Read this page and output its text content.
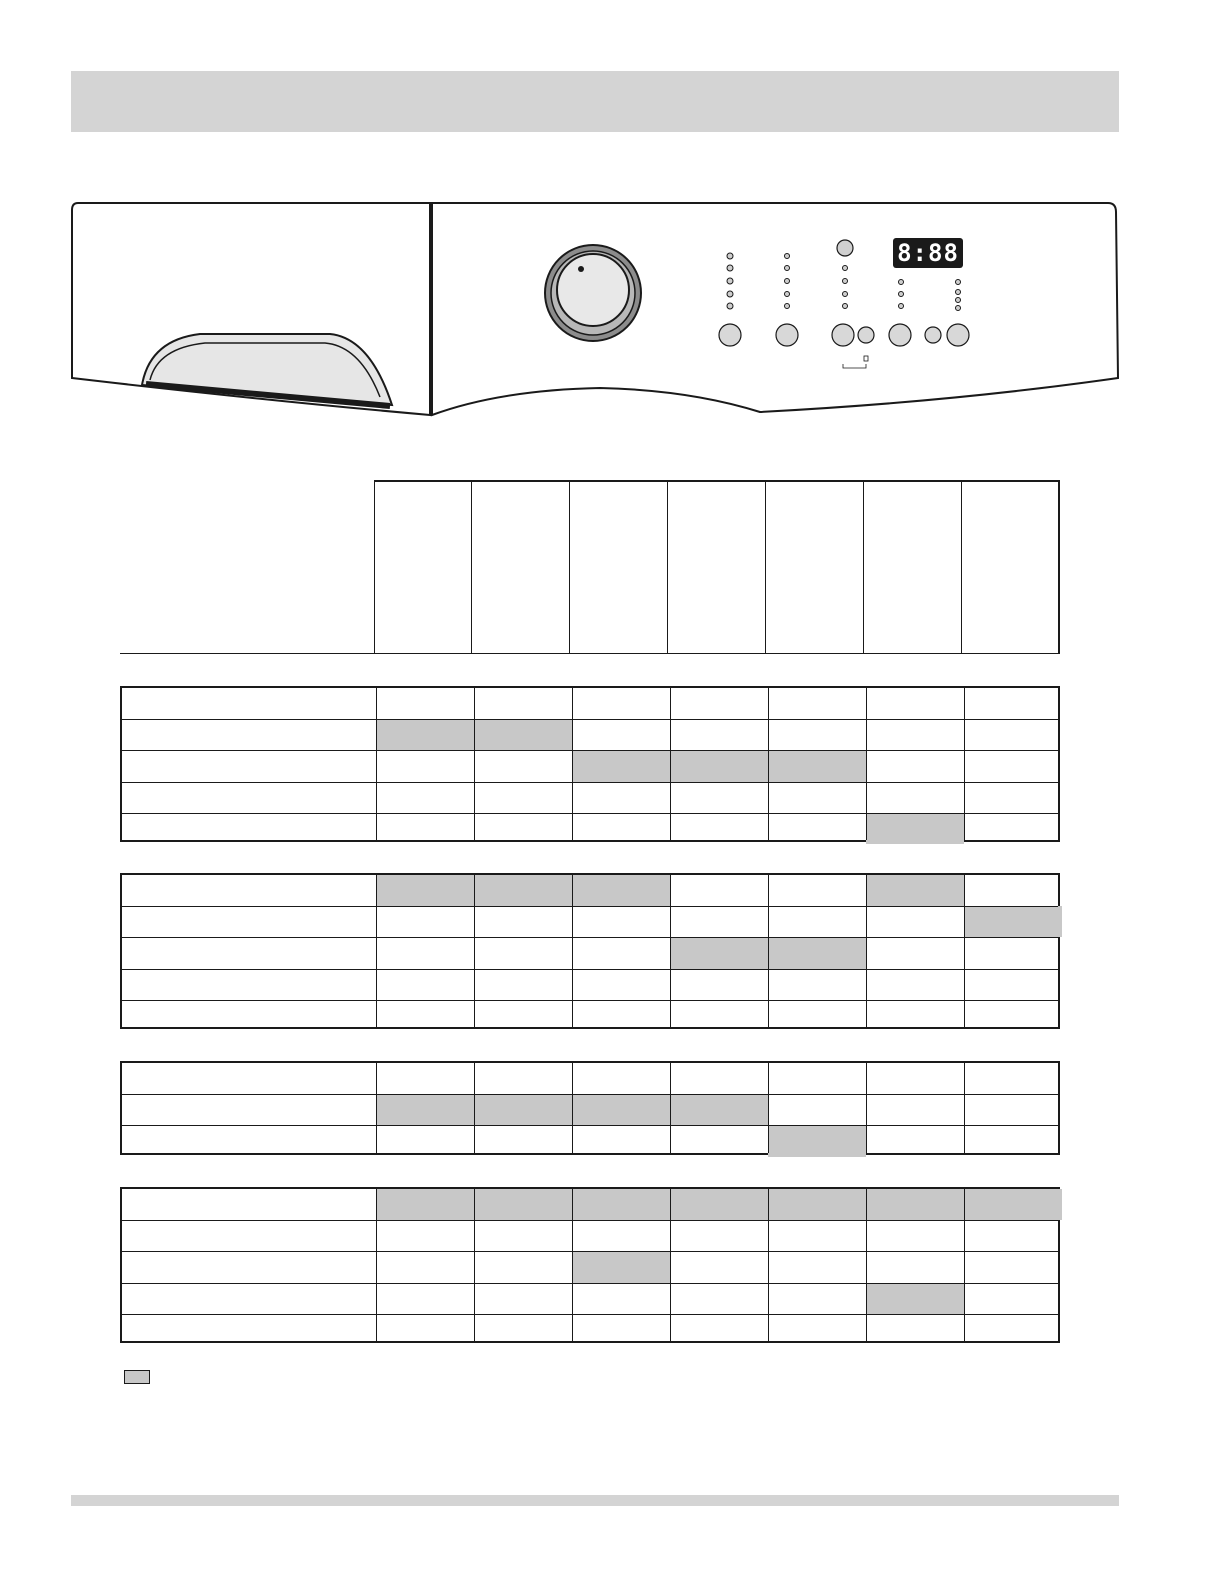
8:88
